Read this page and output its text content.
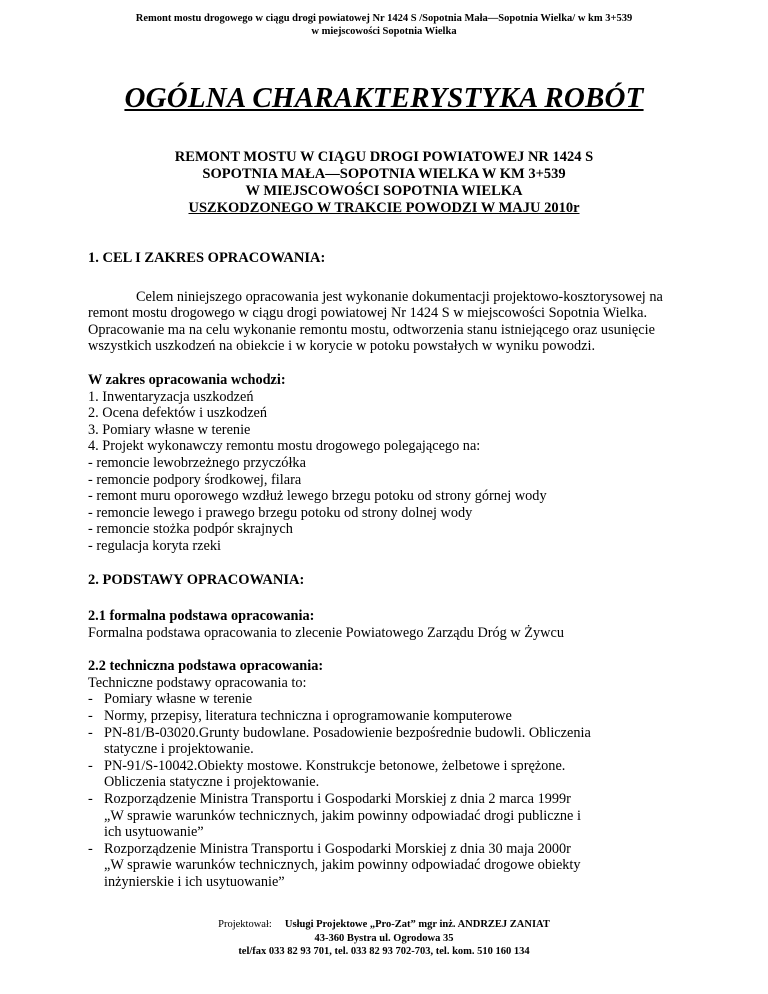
Remont mostu drogowego w ciągu drogi powiatowej Nr 1424 S /Sopotnia Mała—Sopotnia Wielka/ w km 3+539
w miejscowości Sopotnia Wielka
OGÓLNA CHARAKTERYSTYKA ROBÓT
REMONT MOSTU W CIĄGU DROGI POWIATOWEJ NR 1424 S
SOPOTNIA MAŁA—SOPOTNIA WIELKA W KM 3+539
W MIEJSCOWOŚCI SOPOTNIA WIELKA
USZKODZONEGO W TRAKCIE POWODZI W MAJU 2010r
1. CEL I ZAKRES OPRACOWANIA:
Celem niniejszego opracowania jest wykonanie dokumentacji projektowo-kosztorysowej na remont mostu drogowego w ciągu drogi powiatowej Nr 1424 S w miejscowości Sopotnia Wielka. Opracowanie ma na celu wykonanie remontu mostu, odtworzenia stanu istniejącego oraz usunięcie wszystkich uszkodzeń na obiekcie i w korycie w potoku powstałych w wyniku powodzi.
W zakres opracowania wchodzi:
1. Inwentaryzacja uszkodzeń
2. Ocena defektów i uszkodzeń
3. Pomiary własne w terenie
4. Projekt wykonawczy remontu mostu drogowego polegającego na:
- remoncie lewobrzeżnego przyczółka
- remoncie podpory środkowej, filara
- remont muru oporowego wzdłuż lewego brzegu potoku od strony górnej wody
- remoncie lewego i prawego brzegu potoku od strony dolnej wody
- remoncie stożka podpór skrajnych
- regulacja koryta rzeki
2. PODSTAWY OPRACOWANIA:
2.1 formalna podstawa opracowania:
Formalna podstawa opracowania to zlecenie Powiatowego Zarządu Dróg w Żywcu
2.2 techniczna podstawa opracowania:
Techniczne podstawy opracowania to:
- Pomiary własne w terenie
- Normy, przepisy, literatura techniczna i oprogramowanie komputerowe
- PN-81/B-03020.Grunty budowlane. Posadowienie bezpośrednie budowli. Obliczenia
statyczne i projektowanie.
- PN-91/S-10042.Obiekty mostowe. Konstrukcje betonowe, żelbetowe i sprężone.
Obliczenia statyczne i projektowanie.
- Rozporządzenie Ministra Transportu i Gospodarki Morskiej z dnia 2 marca 1999r
„W sprawie warunków technicznych, jakim powinny odpowiadać drogi publiczne i
ich usytuowanie”
- Rozporządzenie Ministra Transportu i Gospodarki Morskiej z dnia 30 maja 2000r
„W sprawie warunków technicznych, jakim powinny odpowiadać drogowe obiekty
inżynierskie i ich usytuowanie”
Projektował: Usługi Projektowe „Pro-Zat” mgr inż. ANDRZEJ ZANIAT
43-360 Bystra ul. Ogrodowa 35
tel/fax 033 82 93 701, tel. 033 82 93 702-703, tel. kom. 510 160 134
